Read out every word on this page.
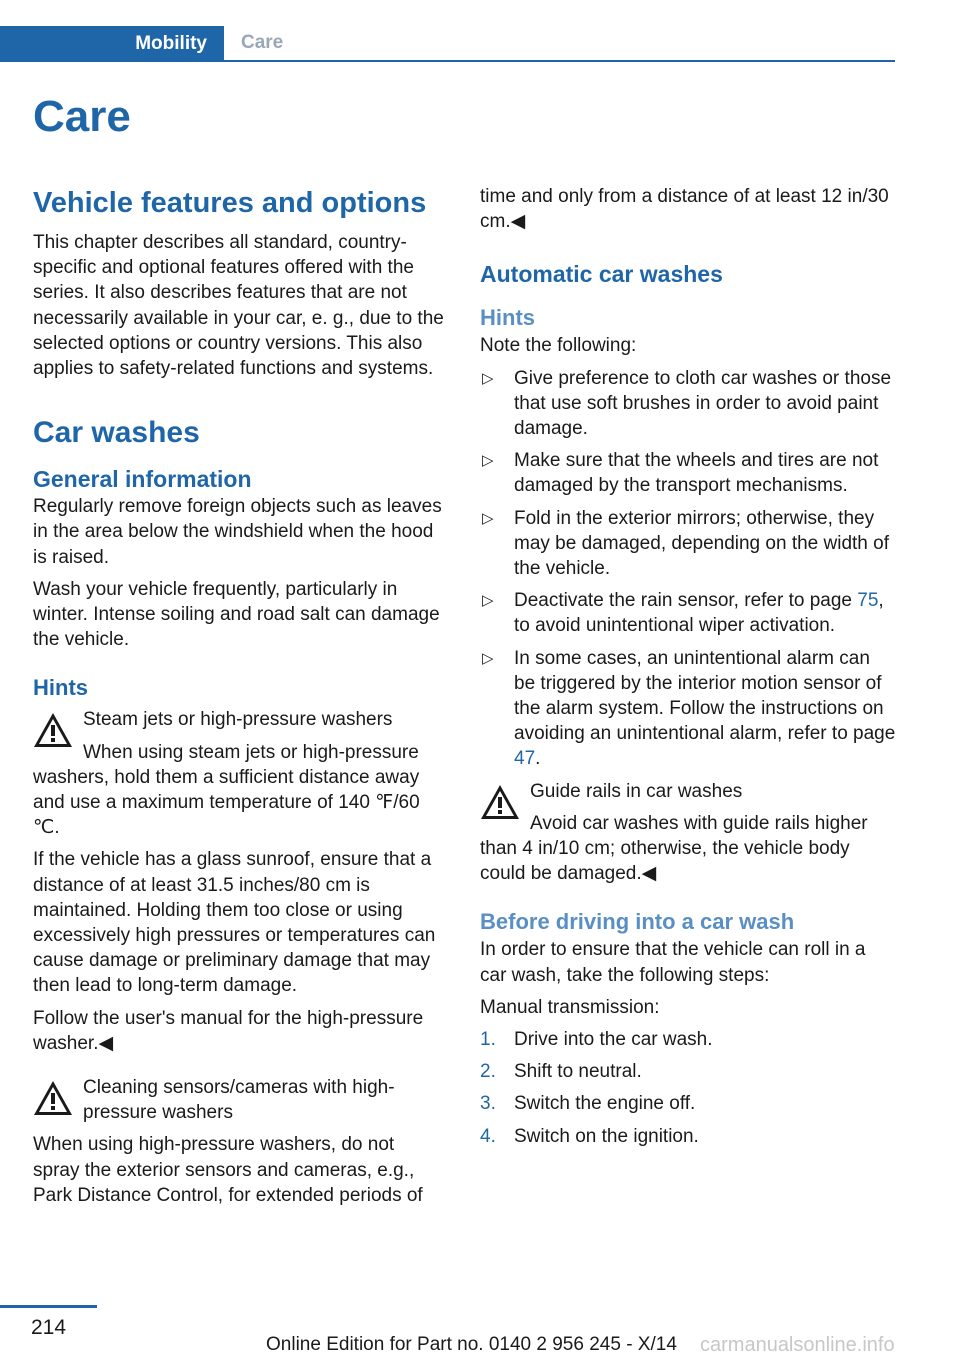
Mobility	Care
Care
Vehicle features and options

This chapter describes all standard, country-specific and optional features offered with the series. It also describes features that are not necessarily available in your car, e. g., due to the selected options or country versions. This also applies to safety-related functions and systems.

Car washes
General information

Regularly remove foreign objects such as leaves in the area below the windshield when the hood is raised.

Wash your vehicle frequently, particularly in winter. Intense soiling and road salt can damage the vehicle.

Hints
Steam jets or high-pressure washers
When using steam jets or high-pressure
washers, hold them a sufficient distance away and use a maximum temperature of 140 ℉/60 ℃.

If the vehicle has a glass sunroof, ensure that a distance of at least 31.5 inches/80 cm is maintained. Holding them too close or using excessively high pressures or temperatures can cause damage or preliminary damage that may then lead to long-term damage.

Follow the user's manual for the high-pressure washer.◀

Cleaning sensors/cameras with high-pressure washers
When using high-pressure washers, do not spray the exterior sensors and cameras, e.g., Park Distance Control, for extended periods of

time and only from a distance of at least 12 in/30 cm.◀

Automatic car washes
Hints

Note the following:

▷ Give preference to cloth car washes or those that use soft brushes in order to avoid paint damage.
▷ Make sure that the wheels and tires are not damaged by the transport mechanisms.
▷ Fold in the exterior mirrors; otherwise, they may be damaged, depending on the width of the vehicle.
▷ Deactivate the rain sensor, refer to page 75, to avoid unintentional wiper activation.
▷ In some cases, an unintentional alarm can be triggered by the interior motion sensor of the alarm system. Follow the instructions on avoiding an unintentional alarm, refer to page 47.
Guide rails in car washes
Avoid car washes with guide rails higher
than 4 in/10 cm; otherwise, the vehicle body could be damaged.◀
Before driving into a car wash

In order to ensure that the vehicle can roll in a car wash, take the following steps:

Manual transmission:

1. Drive into the car wash.
2. Shift to neutral.
3. Switch the engine off.
4. Switch on the ignition.
214
Online Edition for Part no. 0140 2 956 245 - X/14 carmanualsonline.info
